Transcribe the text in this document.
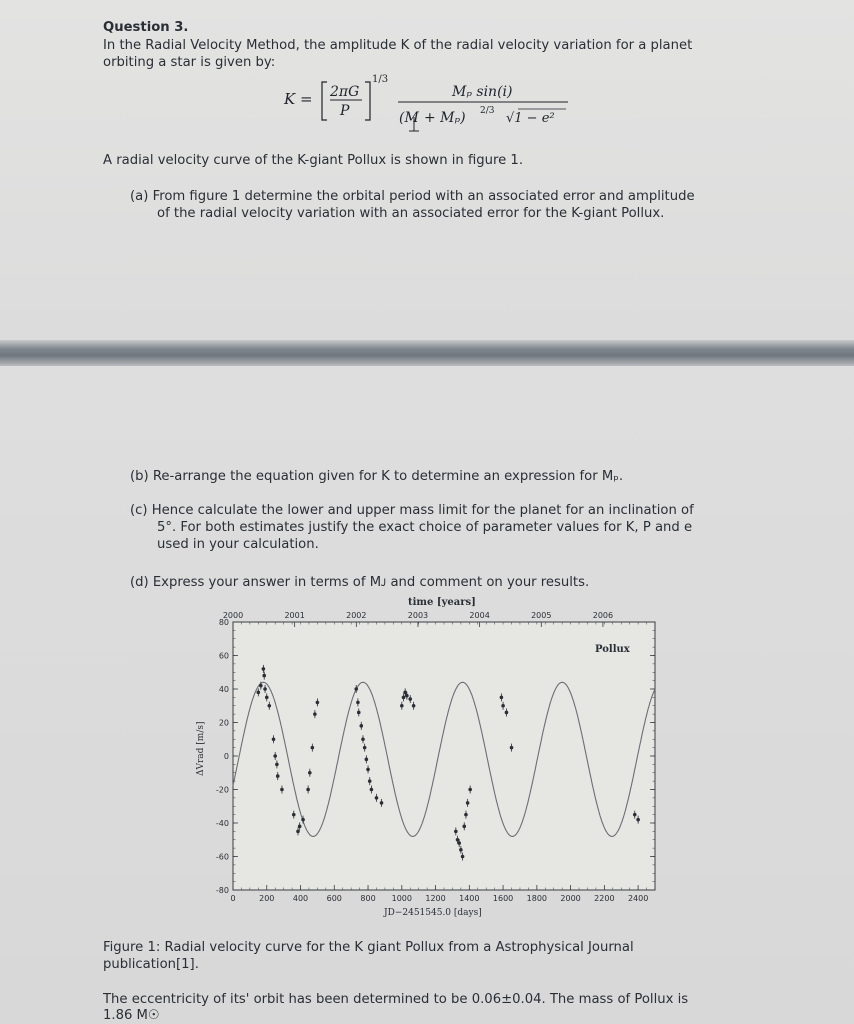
Question 3.
In the Radial Velocity Method, the amplitude K of the radial velocity variation for a planet
orbiting a star is given by:
K = 2πG
P
1/3
Mₚ sin(i)
(M + Mₚ) 2/3 √1 − e²
A radial velocity curve of the K-giant Pollux is shown in figure 1.
(a) From figure 1 determine the orbital period with an associated error and amplitude
of the radial velocity variation with an associated error for the K-giant Pollux.
(b) Re-arrange the equation given for K to determine an expression for Mₚ.
(c) Hence calculate the lower and upper mass limit for the planet for an inclination of
5°. For both estimates justify the exact choice of parameter values for K, P and e
used in your calculation.
(d) Express your answer in terms of Mᴊ and comment on your results.
0	200 400 600 800 1000 1200 1400 1600 1800 2000 2200 2400
80
60
40
20
0
-20
-40
-60
-80
2000	2001	2002	2003	2004	2005	2006
Pollux
time [years]
JD−2451545.0 [days]
ΔVrad [m/s]
Figure 1: Radial velocity curve for the K giant Pollux from a Astrophysical Journal
publication[1].
The eccentricity of its' orbit has been determined to be 0.06±0.04. The mass of Pollux is
1.86 M☉
